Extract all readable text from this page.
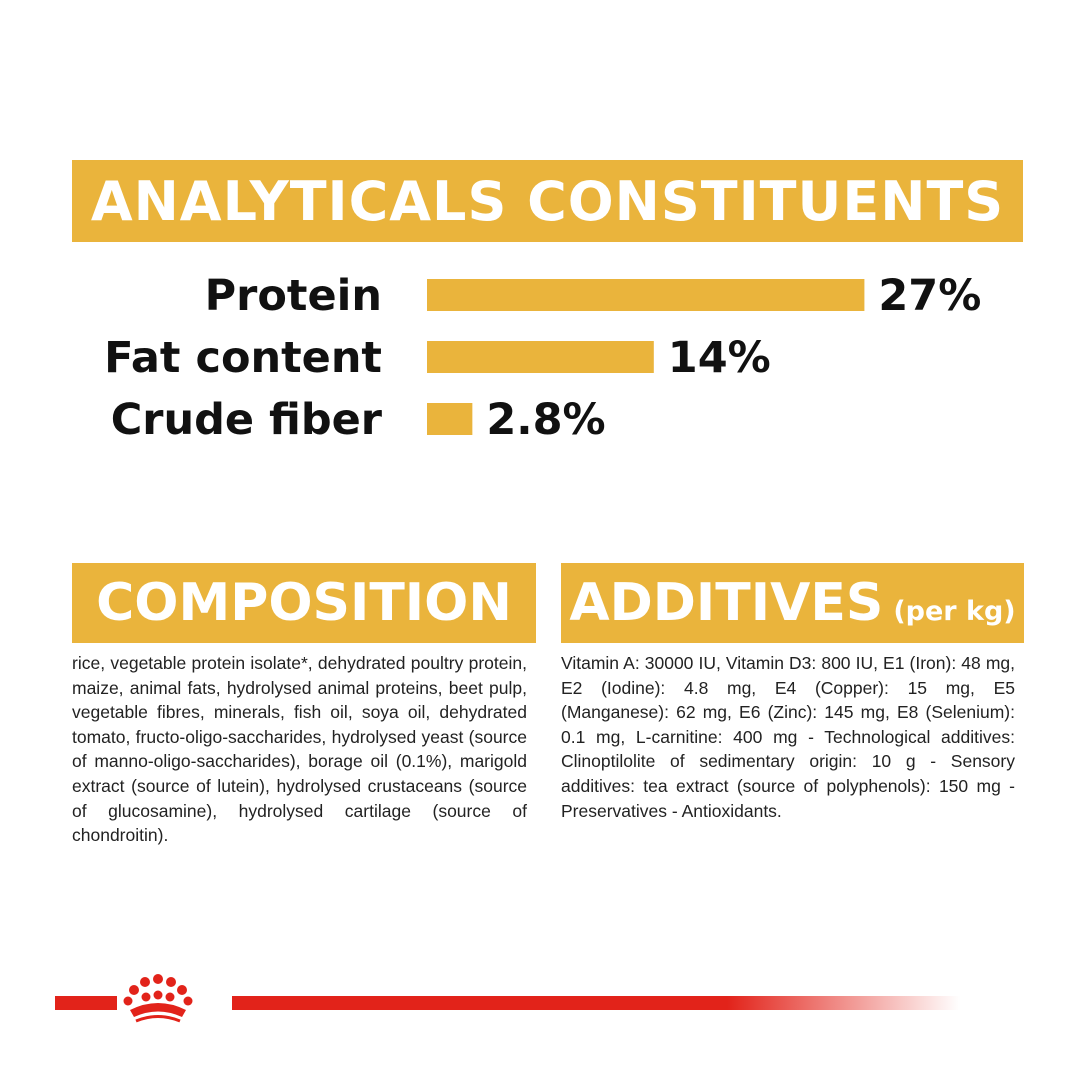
ANALYTICALS CONSTITUENTS
Protein	27%
Fat content	14%
Crude fiber 2.8%
COMPOSITION
rice, vegetable protein isolate*, dehydrated poultry protein, maize, animal fats, hydrolysed animal proteins, beet pulp, vegetable fibres, minerals, fish oil, soya oil, dehydrated tomato, fructo-oligo-saccharides, hydrolysed yeast (source of manno-oligo-saccharides), borage oil (0.1%), marigold extract (source of lutein), hydrolysed crustaceans (source of glucosamine), hydrolysed cartilage (source of chondroitin).
ADDITIVES (per kg)
Vitamin A: 30000 IU, Vitamin D3: 800 IU, E1 (Iron): 48 mg, E2 (Iodine): 4.8 mg, E4 (Copper): 15 mg, E5 (Manganese): 62 mg, E6 (Zinc): 145 mg, E8 (Selenium): 0.1 mg, L-carnitine: 400 mg - Technological additives: Clinoptilolite of sedimentary origin: 10 g - Sensory additives: tea extract (source of polyphenols): 150 mg - Preservatives - Antioxidants.
